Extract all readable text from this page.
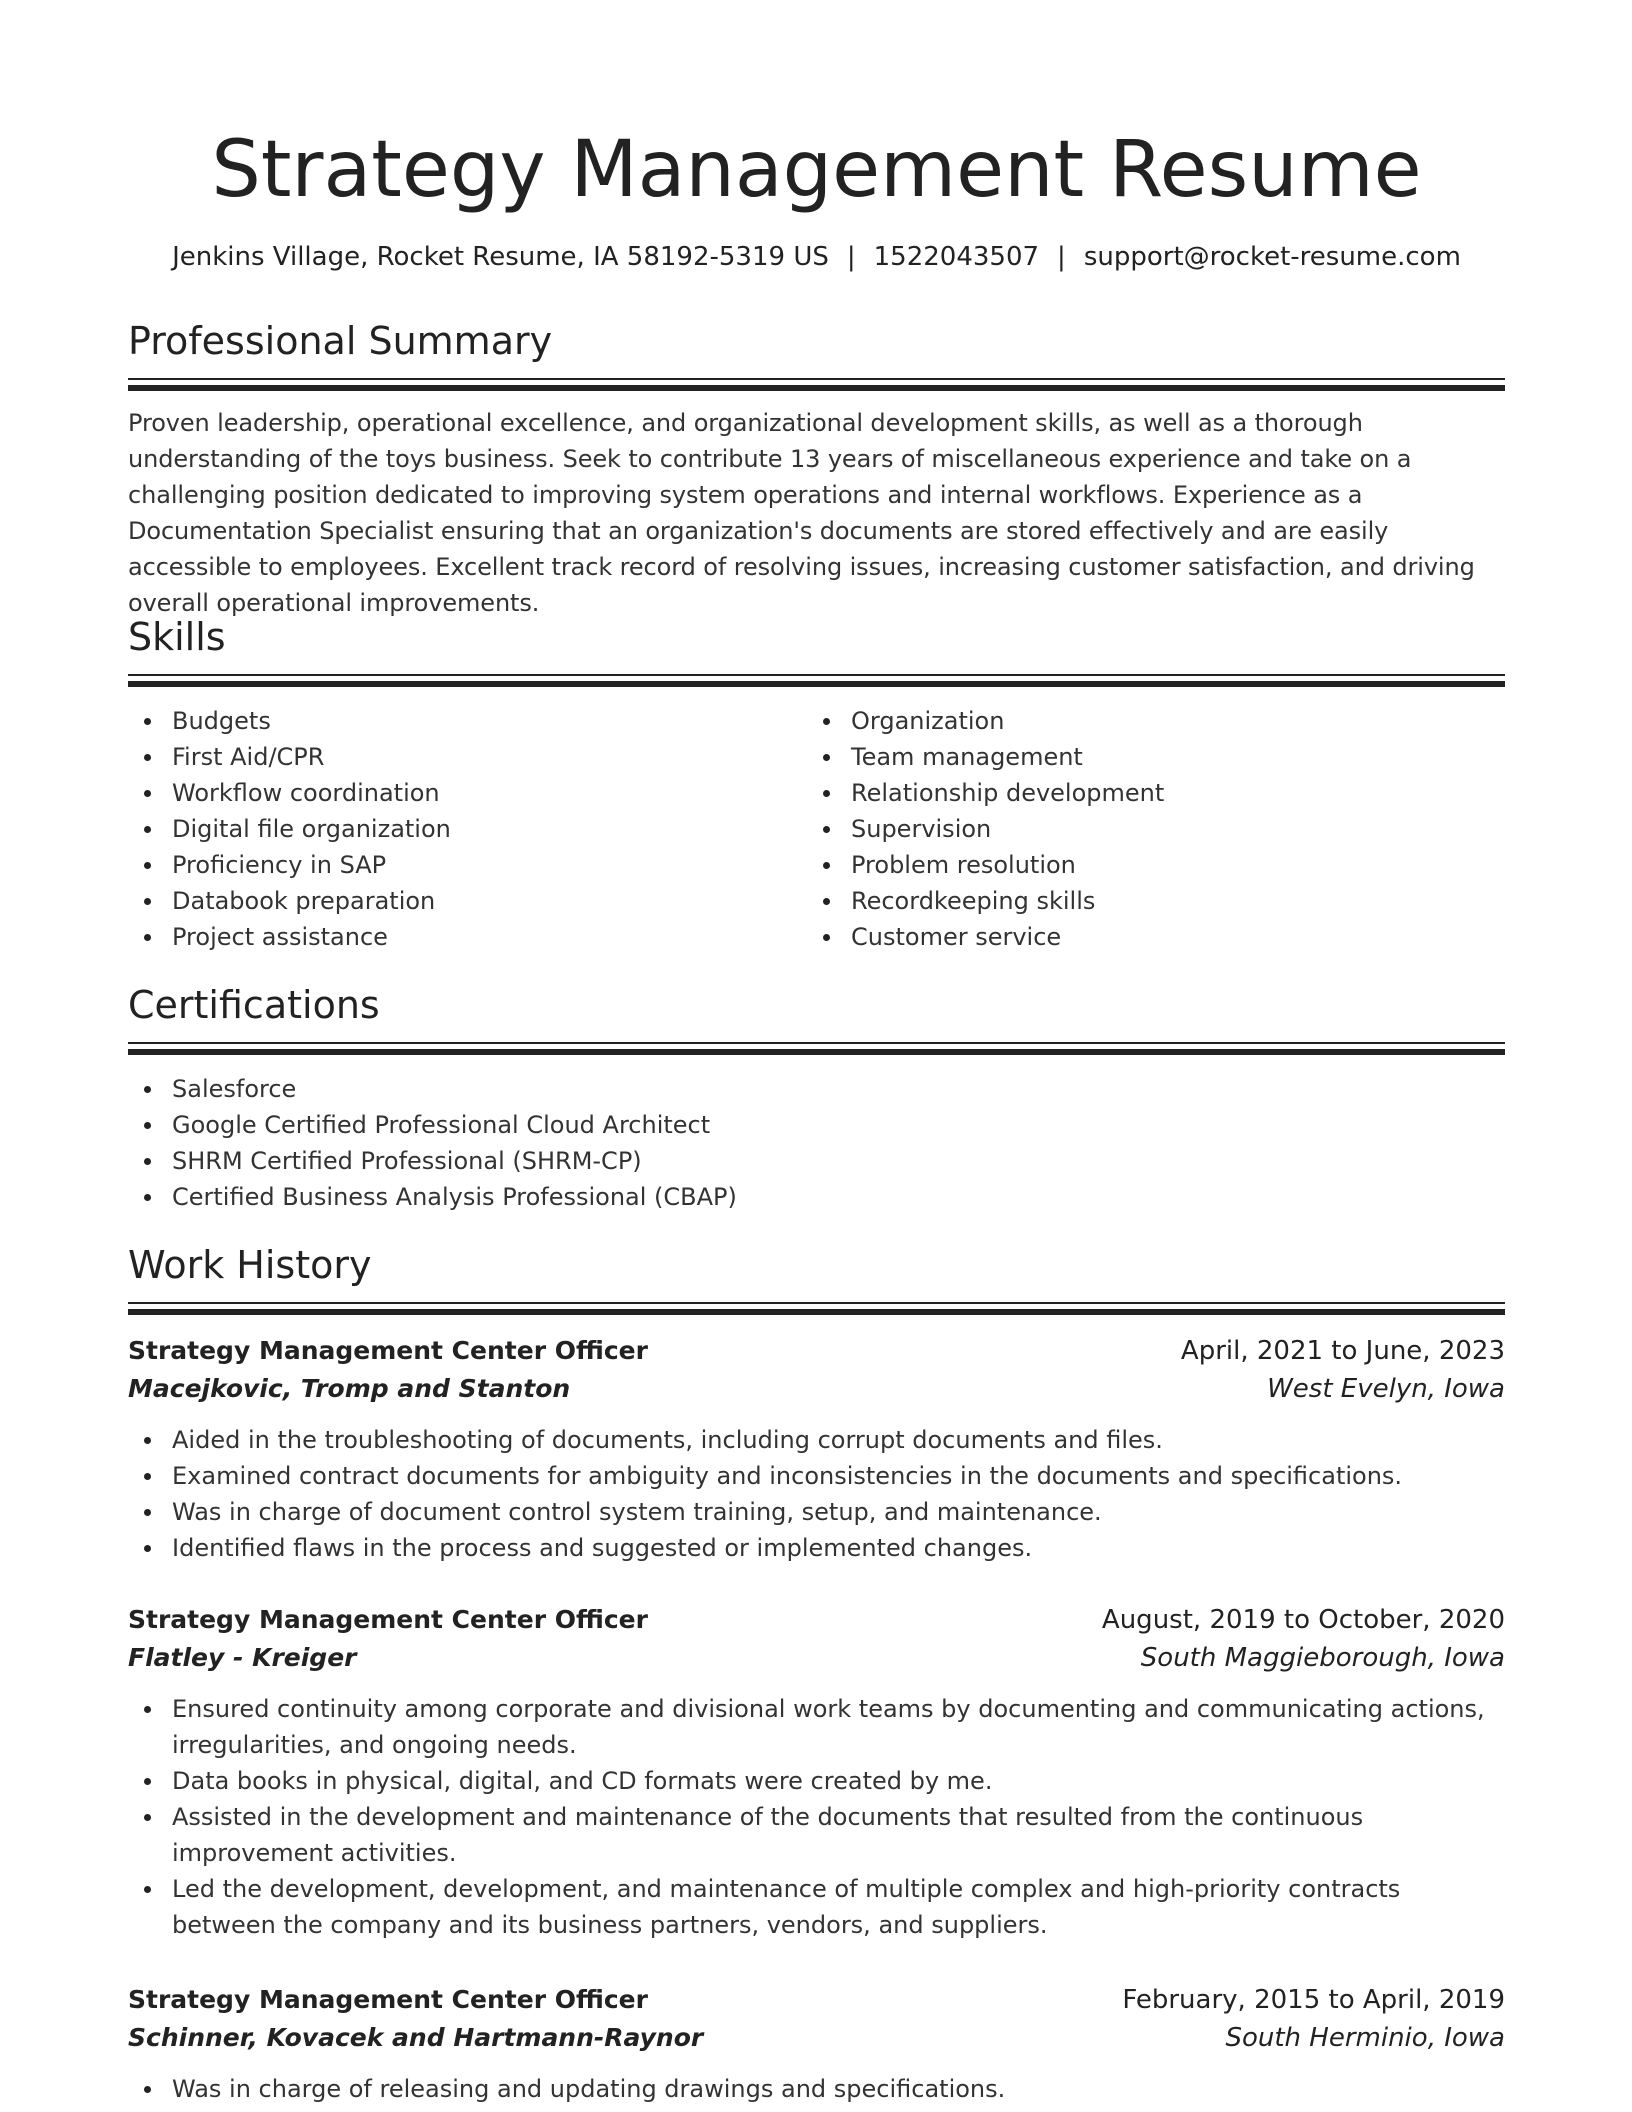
Strategy Management Resume
Jenkins Village, Rocket Resume, IA 58192-5319 US | 1522043507 | support@rocket-resume.com
Professional Summary
Proven leadership, operational excellence, and organizational development skills, as well as a thorough understanding of the toys business. Seek to contribute 13 years of miscellaneous experience and take on a challenging position dedicated to improving system operations and internal workflows. Experience as a Documentation Specialist ensuring that an organization's documents are stored effectively and are easily accessible to employees. Excellent track record of resolving issues, increasing customer satisfaction, and driving overall operational improvements.
Skills
Budgets
First Aid/CPR
Workflow coordination
Digital file organization
Proficiency in SAP
Databook preparation
Project assistance
Organization
Team management
Relationship development
Supervision
Problem resolution
Recordkeeping skills
Customer service
Certifications
Salesforce
Google Certified Professional Cloud Architect
SHRM Certified Professional (SHRM-CP)
Certified Business Analysis Professional (CBAP)
Work History
Strategy Management Center Officer	April, 2021 to June, 2023
Macejkovic, Tromp and Stanton	West Evelyn, Iowa
Aided in the troubleshooting of documents, including corrupt documents and files.
Examined contract documents for ambiguity and inconsistencies in the documents and specifications.
Was in charge of document control system training, setup, and maintenance.
Identified flaws in the process and suggested or implemented changes.
Strategy Management Center Officer	August, 2019 to October, 2020
Flatley - Kreiger	South Maggieborough, Iowa
Ensured continuity among corporate and divisional work teams by documenting and communicating actions, irregularities, and ongoing needs.
Data books in physical, digital, and CD formats were created by me.
Assisted in the development and maintenance of the documents that resulted from the continuous improvement activities.
Led the development, development, and maintenance of multiple complex and high-priority contracts between the company and its business partners, vendors, and suppliers.
Strategy Management Center Officer	February, 2015 to April, 2019
Schinner, Kovacek and Hartmann-Raynor	South Herminio, Iowa
Was in charge of releasing and updating drawings and specifications.
